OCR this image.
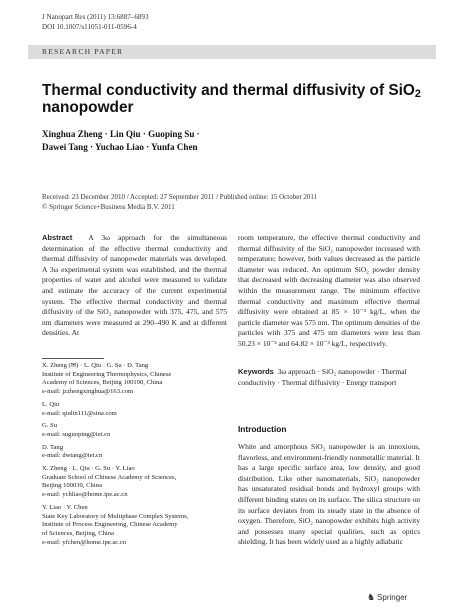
J Nanopart Res (2011) 13:6887–6893
DOI 10.1007/s11051-011-0596-4
RESEARCH PAPER
Thermal conductivity and thermal diffusivity of SiO$_2$
nanopowder
Xinghua Zheng · Lin Qiu · Guoping Su ·
Dawei Tang · Yuchao Liao · Yunfa Chen
Received: 23 December 2010 / Accepted: 27 September 2011 / Published online: 15 October 2011
© Springer Science+Business Media B.V. 2011
Abstract A 3ω approach for the simultaneous determination of the effective thermal conductivity and thermal diffusivity of nanopowder materials was developed. A 3ω experimental system was established, and the thermal properties of water and alcohol were measured to validate and estimate the accuracy of the current experimental system. The effective thermal conductivity and thermal diffusivity of the SiO₂ nanopowder with 375, 475, and 575 nm diameters were measured at 290–490 K and at different densities. At
room temperature, the effective thermal conductivity and thermal diffusivity of the SiO₂ nanopowder increased with temperature; however, both values decreased as the particle diameter was reduced. An optimum SiO₂ powder density that decreased with decreasing diameter was also observed within the measurement range. The minimum effective thermal conductivity and maximum effective thermal diffusivity were obtained at 85 × 10⁻³ kg/L, when the particle diameter was 575 nm. The optimum densities of the particles with 375 and 475 nm diameters were less than 50.23 × 10⁻³ and 64.82 × 10⁻³ kg/L, respectively.

X. Zheng (✉) · L. Qiu · G. Su · D. Tang
Institute of Engineering Thermophysics, Chinese
Academy of Sciences, Beijing 100190, China
e-mail: jzzhengxinghua@163.com

L. Qiu
e-mail: qiulin111@sina.com

G. Su
e-mail: suguoping@iet.cn

D. Tang
e-mail: dwtang@iet.cn

X. Zheng · L. Qiu · G. Su · Y. Liao
Graduate School of Chinese Academy of Sciences,
Beijing 100039, China
e-mail: ychliao@home.ipe.ac.cn

Y. Liao · Y. Chen
State Key Laboratory of Multiphase Complex Systems,
Institute of Process Engineering, Chinese Academy
of Sciences, Beijing, China
e-mail: yfchen@home.ipe.ac.cn

Keywords 3ω approach · SiO₂ nanopowder · Thermal conductivity · Thermal diffusivity · Energy transport
Introduction
White and amorphous SiO₂ nanopowder is an innoxious, flavorless, and environment-friendly nonmetallic material. It has a large specific surface area, low density, and good distribution. Like other nanomaterials, SiO₂ nanopowder has unsaturated residual bonds and hydroxyl groups with different binding states on its surface. The silica structure on its surface deviates from its steady state in the absence of oxygen. Therefore, SiO₂ nanopowder exhibits high activity and possesses many special qualities, such as optics shielding. It has been widely used as a highly adiabatic
♞ Springer
